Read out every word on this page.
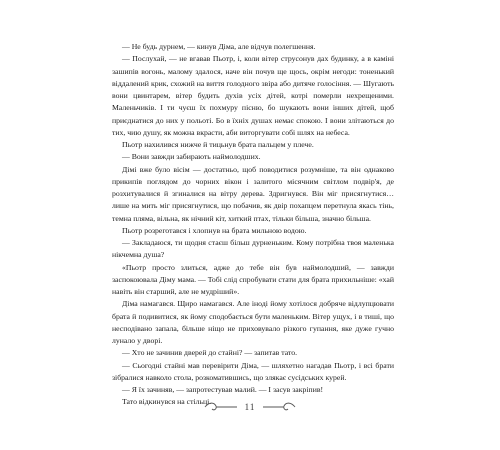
— Не будь дурнем, — кинув Діма, але відчув полегшення.

— Послухай, — не вгавав Пьотр, і, коли вітер струсонув дах будинку, а в каміні зашипів вогонь, малому здалося, наче він почув ще щось, окрім негоди: тоненький віддалений крик, схожий на виття голодного звіра або дитяче голосіння. — Шугають вони цвинтарем, вітер будить духів усіх дітей, котрі померли нехрещеними. Маленьчиків. І ти чуєш їх похмуру пісню, бо шукають вони інших дітей, щоб приєднатися до них у польоті. Бо в їхніх душах немає спокою. І вони злітаються до тих, чию душу, як можна вкрасти, аби виторгувати собі шлях на небеса.

Пьотр нахилився нижче й тицьнув брата пальцем у плече.

— Вони завжди забирають наймолодших.

Дімі вже було вісім — достатньо, щоб поводитися розумніше, та він однаково прикипів поглядом до чорних вікон і залитого місячним світлом подвір'я, де розхитувалися й згиналися на вітру дерева. Здригнувся. Він міг присягнутися… лише на мить міг присягнутися, що побачив, як двір похапцем перетнула якась тінь, темна пляма, вільна, як нічний кіт, хиткий птах, тільки більша, значно більша.

Пьотр розреготався і хлопнув на брата мильною водою.

— Закладаюся, ти щодня стаєш більш дурненьким. Кому потрібна твоя маленька нікчемна душа?

«Пьотр просто злиться, адже до тебе він був наймолодший, — завжди заспокоювала Діму мама. — Тобі слід спробувати стати для брата прихильніше: «хай навіть він старший, але не мудріший».

Діма намагався. Щиро намагався. Але іноді йому хотілося добряче відлупцювати брата й подивитися, як йому сподобається бути маленьким. Вітер ущух, і в тиші, що несподівано запала, більше ніщо не приховувало різкого гупання, яке дуже гучно лунало у дворі.

— Хто не зачинив дверей до стайні? — запитав тато.

— Сьогодні стайні мав перевірити Діма, — шляхетно нагадав Пьотр, і всі брати зібралися навколо стола, розкоматившись, що злякає сусідських курей.

— Я їх зачиняв, — запротестував малий. — І засув закріпив!

Тато відкинувся на стільці.

11
